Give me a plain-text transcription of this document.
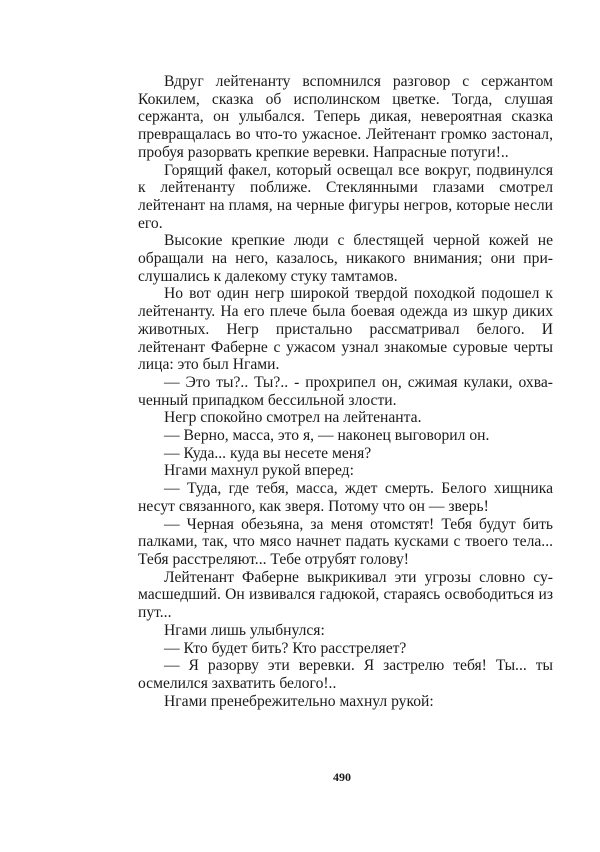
Вдруг лейтенанту вспомнился разговор с сержантом Кокилем, сказка об исполинском цветке. Тогда, слушая сержанта, он улыбался. Теперь дикая, невероятная сказка превращалась во что-то ужасное. Лейтенант громко застонал, пробуя разорвать крепкие веревки. Напрасные потуги!..

Горящий факел, который освещал все вокруг, подвинулся к лейтенанту поближе. Стеклянными глазами смотрел лейтенант на пламя, на черные фигуры негров, которые несли его.

Высокие крепкие люди с блестящей черной кожей не обращали на него, казалось, никакого внимания; они прислушались к далекому стуку тамтамов.

Но вот один негр широкой твердой походкой подошел к лейтенанту. На его плече была боевая одежда из шкур диких животных. Негр пристально рассматривал белого. И лейтенант Фаберне с ужасом узнал знакомые суровые черты лица: это был Нгами.

— Это ты?.. Ты?.. - прохрипел он, сжимая кулаки, охваченный припадком бессильной злости.

Негр спокойно смотрел на лейтенанта.

— Верно, масса, это я, — наконец выговорил он.

— Куда... куда вы несете меня?

Нгами махнул рукой вперед:

— Туда, где тебя, масса, ждет смерть. Белого хищника несут связанного, как зверя. Потому что он — зверь!

— Черная обезьяна, за меня отомстят! Тебя будут бить палками, так, что мясо начнет падать кусками с твоего тела... Тебя расстреляют... Тебе отрубят голову!

Лейтенант Фаберне выкрикивал эти угрозы словно сумасшедший. Он извивался гадюкой, стараясь освободиться из пут...

Нгами лишь улыбнулся:

— Кто будет бить? Кто расстреляет?

— Я разорву эти веревки. Я застрелю тебя! Ты... ты осмелился захватить белого!..

Нгами пренебрежительно махнул рукой:

490
